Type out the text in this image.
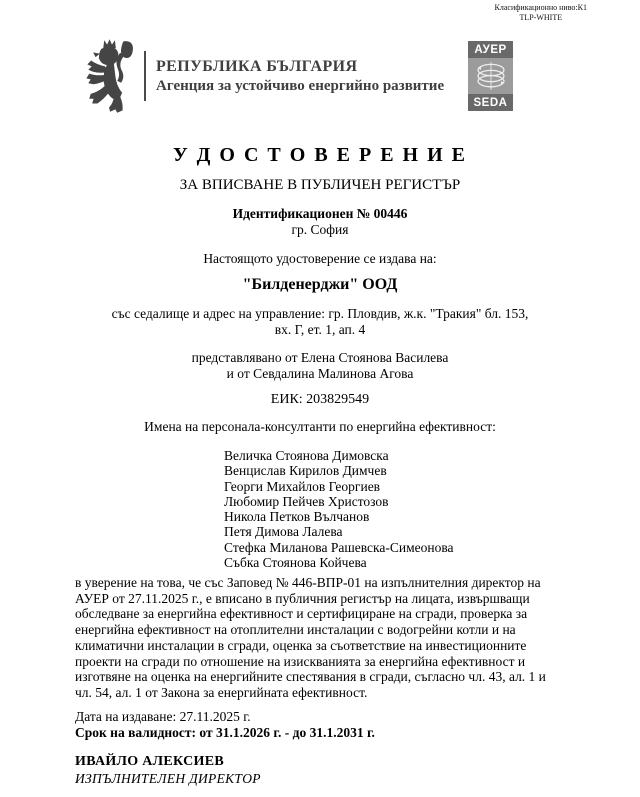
Класификационно ниво:К1
TLP-WHITE
РЕПУБЛИКА БЪЛГАРИЯ
Агенция за устойчиво енергийно развитие
АУЕР
SEDA
У Д О С Т О В Е Р Е Н И Е
ЗА ВПИСВАНЕ В ПУБЛИЧЕН РЕГИСТЪР
Идентификационен № 00446
гр. София
Настоящото удостоверение се издава на:
"Билденерджи" ООД
със седалище и адрес на управление: гр. Пловдив, ж.к. "Тракия" бл. 153,
вх. Г, ет. 1, ап. 4
представлявано от Елена Стоянова Василева
и от Севдалина Малинова Агова
ЕИК: 203829549
Имена на персонала-консултанти по енергийна ефективност:
Величка Стоянова Димовска
Венцислав Кирилов Димчев
Георги Михайлов Георгиев
Любомир Пейчев Христозов
Никола Петков Вълчанов
Петя Димова Лалева
Стефка Миланова Рашевска-Симеонова
Събка Стоянова Койчева
в уверение на това, че със Заповед № 446-ВПР-01 на изпълнителния директор на АУЕР от 27.11.2025 г., е вписано в публичния регистър на лицата, извършващи обследване за енергийна ефективност и сертифициране на сгради, проверка за енергийна ефективност на отоплителни инсталации с водогрейни котли и на климатични инсталации в сгради, оценка за съответствие на инвестиционните проекти на сгради по отношение на изискванията за енергийна ефективност и изготвяне на оценка на енергийните спестявания в сгради, съгласно чл. 43, ал. 1 и чл. 54, ал. 1 от Закона за енергийната ефективност.
Дата на издаване: 27.11.2025 г.
Срок на валидност: от 31.1.2026 г. - до 31.1.2031 г.
ИВАЙЛО АЛЕКСИЕВ
ИЗПЪЛНИТЕЛЕН ДИРЕКТОР
